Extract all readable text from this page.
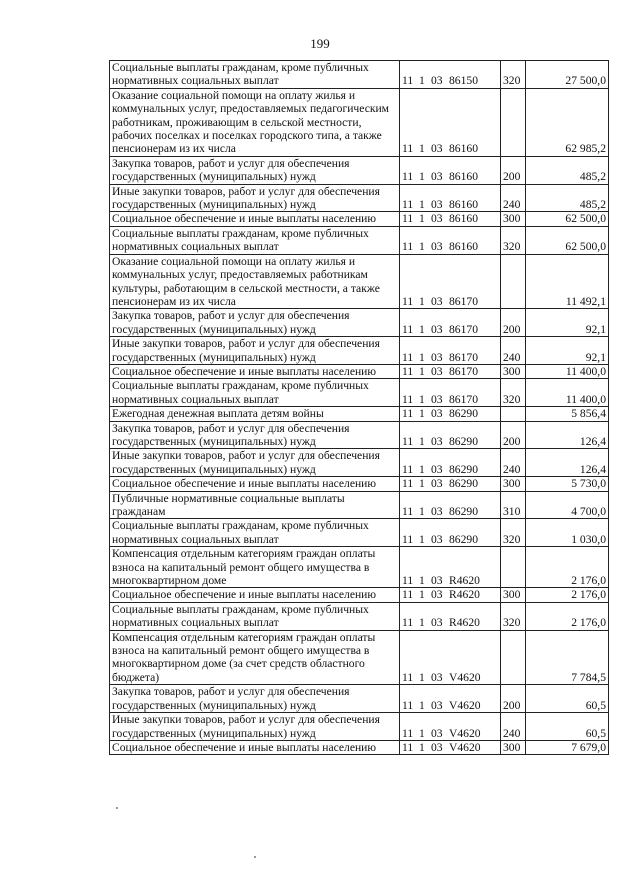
199
Социальные выплаты гражданам, кроме публичных нормативных социальных выплат	11 1 03 86150	320	27 500,0
Оказание социальной помощи на оплату жилья и коммунальных услуг, предоставляемых педагогическим работникам, проживающим в сельской местности, рабочих поселках и поселках городского типа, а также пенсионерам из их числа	11 1 03 86160		62 985,2
Закупка товаров, работ и услуг для обеспечения государственных (муниципальных) нужд	11 1 03 86160	200	485,2
Иные закупки товаров, работ и услуг для обеспечения государственных (муниципальных) нужд	11 1 03 86160	240	485,2
Социальное обеспечение и иные выплаты населению	11 1 03 86160	300	62 500,0
Социальные выплаты гражданам, кроме публичных нормативных социальных выплат	11 1 03 86160	320	62 500,0
Оказание социальной помощи на оплату жилья и коммунальных услуг, предоставляемых работникам культуры, работающим в сельской местности, а также пенсионерам из их числа	11 1 03 86170		11 492,1
Закупка товаров, работ и услуг для обеспечения государственных (муниципальных) нужд	11 1 03 86170	200	92,1
Иные закупки товаров, работ и услуг для обеспечения государственных (муниципальных) нужд	11 1 03 86170	240	92,1
Социальное обеспечение и иные выплаты населению	11 1 03 86170	300	11 400,0
Социальные выплаты гражданам, кроме публичных нормативных социальных выплат	11 1 03 86170	320	11 400,0
Ежегодная денежная выплата детям войны	11 1 03 86290		5 856,4
Закупка товаров, работ и услуг для обеспечения государственных (муниципальных) нужд	11 1 03 86290	200	126,4
Иные закупки товаров, работ и услуг для обеспечения государственных (муниципальных) нужд	11 1 03 86290	240	126,4
Социальное обеспечение и иные выплаты населению	11 1 03 86290	300	5 730,0
Публичные нормативные социальные выплаты гражданам	11 1 03 86290	310	4 700,0
Социальные выплаты гражданам, кроме публичных нормативных социальных выплат	11 1 03 86290	320	1 030,0
Компенсация отдельным категориям граждан оплаты взноса на капитальный ремонт общего имущества в многоквартирном доме	11 1 03 R4620		2 176,0
Социальное обеспечение и иные выплаты населению	11 1 03 R4620	300	2 176,0
Социальные выплаты гражданам, кроме публичных нормативных социальных выплат	11 1 03 R4620	320	2 176,0
Компенсация отдельным категориям граждан оплаты взноса на капитальный ремонт общего имущества в многоквартирном доме (за счет средств областного бюджета)	11 1 03 V4620		7 784,5
Закупка товаров, работ и услуг для обеспечения государственных (муниципальных) нужд	11 1 03 V4620	200	60,5
Иные закупки товаров, работ и услуг для обеспечения государственных (муниципальных) нужд	11 1 03 V4620	240	60,5
Социальное обеспечение и иные выплаты населению	11 1 03 V4620	300	7 679,0
